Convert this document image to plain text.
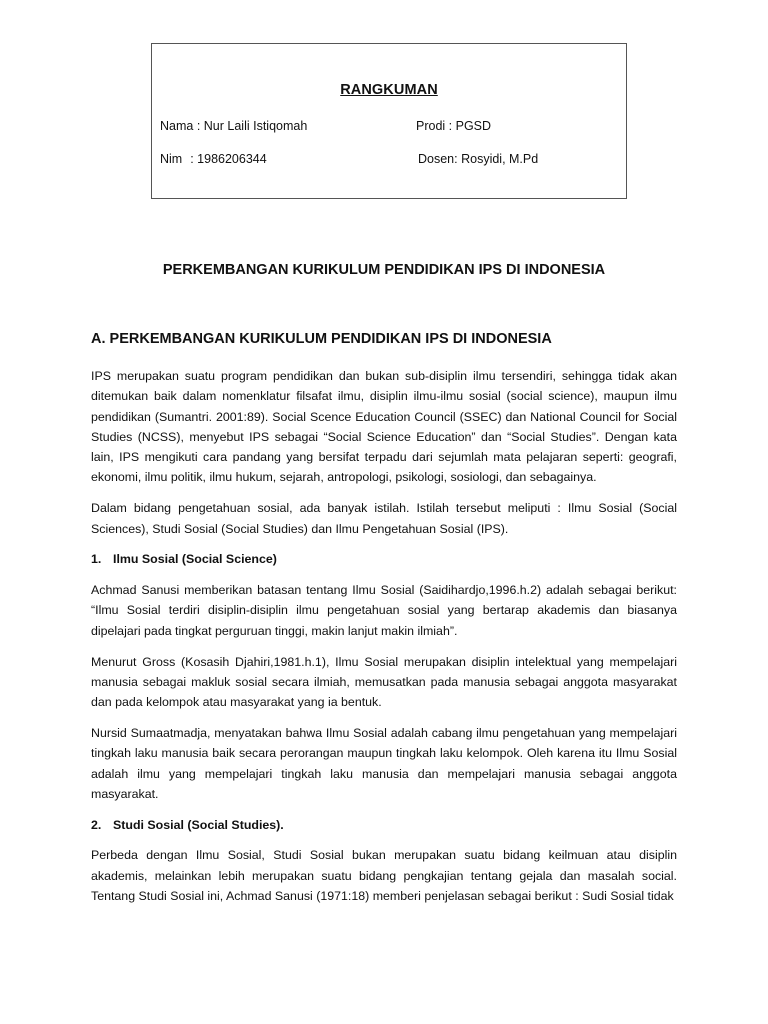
RANGKUMAN
Nama : Nur Laili Istiqomah	Prodi : PGSD
Nim : 1986206344	Dosen: Rosyidi, M.Pd
PERKEMBANGAN KURIKULUM PENDIDIKAN IPS DI INDONESIA
A. PERKEMBANGAN KURIKULUM PENDIDIKAN IPS DI INDONESIA

IPS merupakan suatu program pendidikan dan bukan sub-disiplin ilmu tersendiri, sehingga tidak akan ditemukan baik dalam nomenklatur filsafat ilmu, disiplin ilmu-ilmu sosial (social science), maupun ilmu pendidikan (Sumantri. 2001:89). Social Scence Education Council (SSEC) dan National Council for Social Studies (NCSS), menyebut IPS sebagai “Social Science Education” dan “Social Studies”. Dengan kata lain, IPS mengikuti cara pandang yang bersifat terpadu dari sejumlah mata pelajaran seperti: geografi, ekonomi, ilmu politik, ilmu hukum, sejarah, antropologi, psikologi, sosiologi, dan sebagainya.

Dalam bidang pengetahuan sosial, ada banyak istilah. Istilah tersebut meliputi : Ilmu Sosial (Social Sciences), Studi Sosial (Social Studies) dan Ilmu Pengetahuan Sosial (IPS).

1. Ilmu Sosial (Social Science)

Achmad Sanusi memberikan batasan tentang Ilmu Sosial (Saidihardjo,1996.h.2) adalah sebagai berikut: “Ilmu Sosial terdiri disiplin-disiplin ilmu pengetahuan sosial yang bertarap akademis dan biasanya dipelajari pada tingkat perguruan tinggi, makin lanjut makin ilmiah”.

Menurut Gross (Kosasih Djahiri,1981.h.1), Ilmu Sosial merupakan disiplin intelektual yang mempelajari manusia sebagai makluk sosial secara ilmiah, memusatkan pada manusia sebagai anggota masyarakat dan pada kelompok atau masyarakat yang ia bentuk.

Nursid Sumaatmadja, menyatakan bahwa Ilmu Sosial adalah cabang ilmu pengetahuan yang mempelajari tingkah laku manusia baik secara perorangan maupun tingkah laku kelompok. Oleh karena itu Ilmu Sosial adalah ilmu yang mempelajari tingkah laku manusia dan mempelajari manusia sebagai anggota masyarakat.

2. Studi Sosial (Social Studies).

Perbeda dengan Ilmu Sosial, Studi Sosial bukan merupakan suatu bidang keilmuan atau disiplin akademis, melainkan lebih merupakan suatu bidang pengkajian tentang gejala dan masalah social. Tentang Studi Sosial ini, Achmad Sanusi (1971:18) memberi penjelasan sebagai berikut : Sudi Sosial tidak
